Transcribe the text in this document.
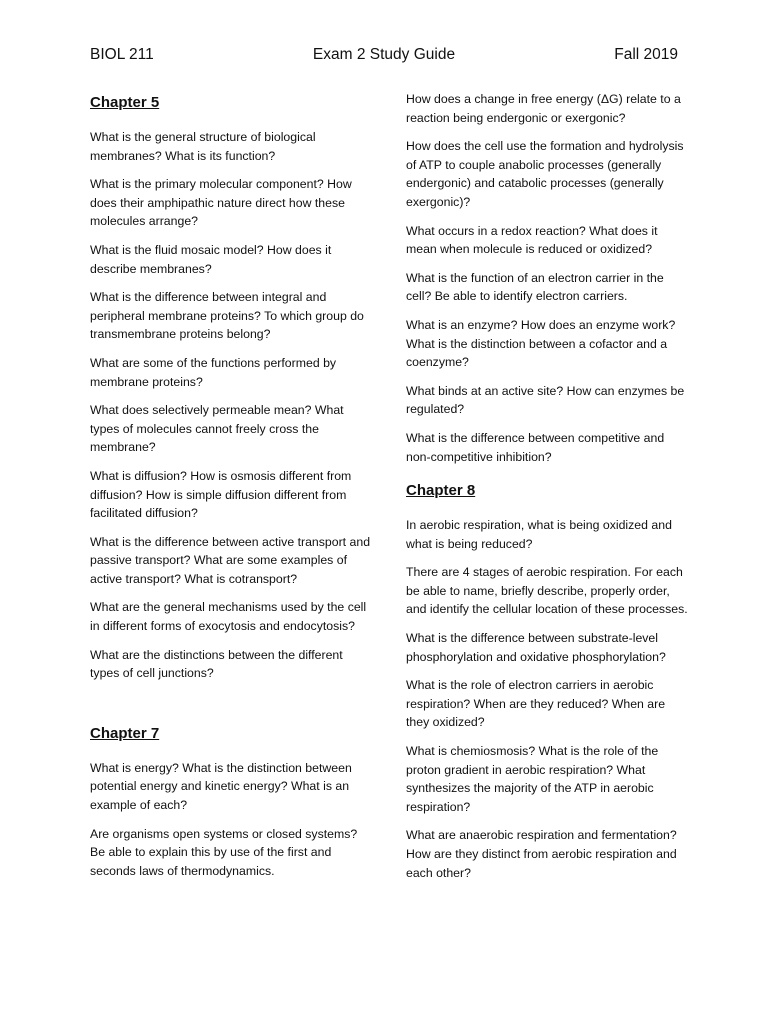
BIOL 211	Exam 2 Study Guide	Fall 2019
Chapter 5

What is the general structure of biological membranes? What is its function?

What is the primary molecular component? How does their amphipathic nature direct how these molecules arrange?

What is the fluid mosaic model? How does it describe membranes?

What is the difference between integral and peripheral membrane proteins? To which group do transmembrane proteins belong?

What are some of the functions performed by membrane proteins?

What does selectively permeable mean? What types of molecules cannot freely cross the membrane?

What is diffusion? How is osmosis different from diffusion? How is simple diffusion different from facilitated diffusion?

What is the difference between active transport and passive transport? What are some examples of active transport? What is cotransport?

What are the general mechanisms used by the cell in different forms of exocytosis and endocytosis?

What are the distinctions between the different types of cell junctions?

Chapter 7

What is energy? What is the distinction between potential energy and kinetic energy? What is an example of each?

Are organisms open systems or closed systems? Be able to explain this by use of the first and seconds laws of thermodynamics.

How does a change in free energy (ΔG) relate to a reaction being endergonic or exergonic?

How does the cell use the formation and hydrolysis of ATP to couple anabolic processes (generally endergonic) and catabolic processes (generally exergonic)?

What occurs in a redox reaction? What does it mean when molecule is reduced or oxidized?

What is the function of an electron carrier in the cell? Be able to identify electron carriers.

What is an enzyme? How does an enzyme work? What is the distinction between a cofactor and a coenzyme?

What binds at an active site? How can enzymes be regulated?

What is the difference between competitive and non-competitive inhibition?

Chapter 8

In aerobic respiration, what is being oxidized and what is being reduced?

There are 4 stages of aerobic respiration. For each be able to name, briefly describe, properly order, and identify the cellular location of these processes.

What is the difference between substrate-level phosphorylation and oxidative phosphorylation?

What is the role of electron carriers in aerobic respiration? When are they reduced? When are they oxidized?

What is chemiosmosis? What is the role of the proton gradient in aerobic respiration? What synthesizes the majority of the ATP in aerobic respiration?

What are anaerobic respiration and fermentation? How are they distinct from aerobic respiration and each other?
